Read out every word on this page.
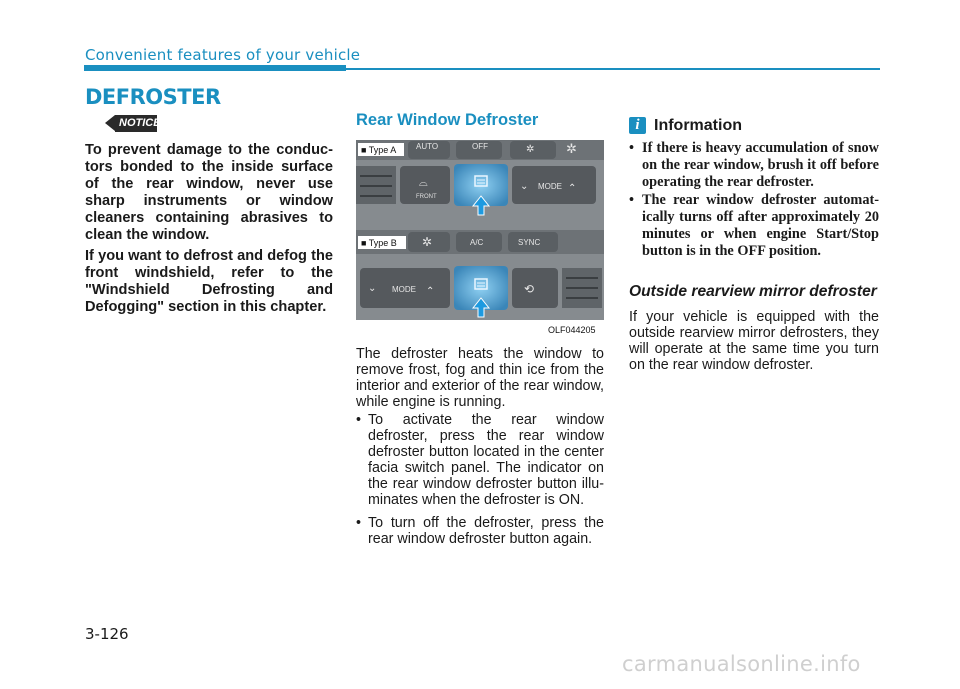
Convenient features of your vehicle
DEFROSTER
NOTICE

To prevent damage to the conduc-tors bonded to the inside surface of the rear window, never use sharp instruments or window cleaners containing abrasives to clean the window.

If you want to defrost and defog the front windshield, refer to the "Windshield Defrosting and Defogging" section in this chapter.

Rear Window Defroster
AUTO	OFF	✲ ✲
■ Type A
⌓
FRONT
⌄ MODE ⌃
✲	A/C	SYNC
■ Type B
⌄ MODE ⌃	⟲
OLF044205

The defroster heats the window to remove frost, fog and thin ice from the interior and exterior of the rear window, while engine is running.

• To activate the rear window defroster, press the rear window defroster button located in the center facia switch panel. The indicator on the rear window defroster button illu-minates when the defroster is ON.
• To turn off the defroster, press the rear window defroster button again.
i Information
• If there is heavy accumulation of snow on the rear window, brush it off before operating the rear defroster.
• The rear window defroster automat-ically turns off after approximately 20 minutes or when engine Start/Stop button is in the OFF position.
Outside rearview mirror defroster

If your vehicle is equipped with the outside rearview mirror defrosters, they will operate at the same time you turn on the rear window defroster.

3-126
carmanualsonline.info
